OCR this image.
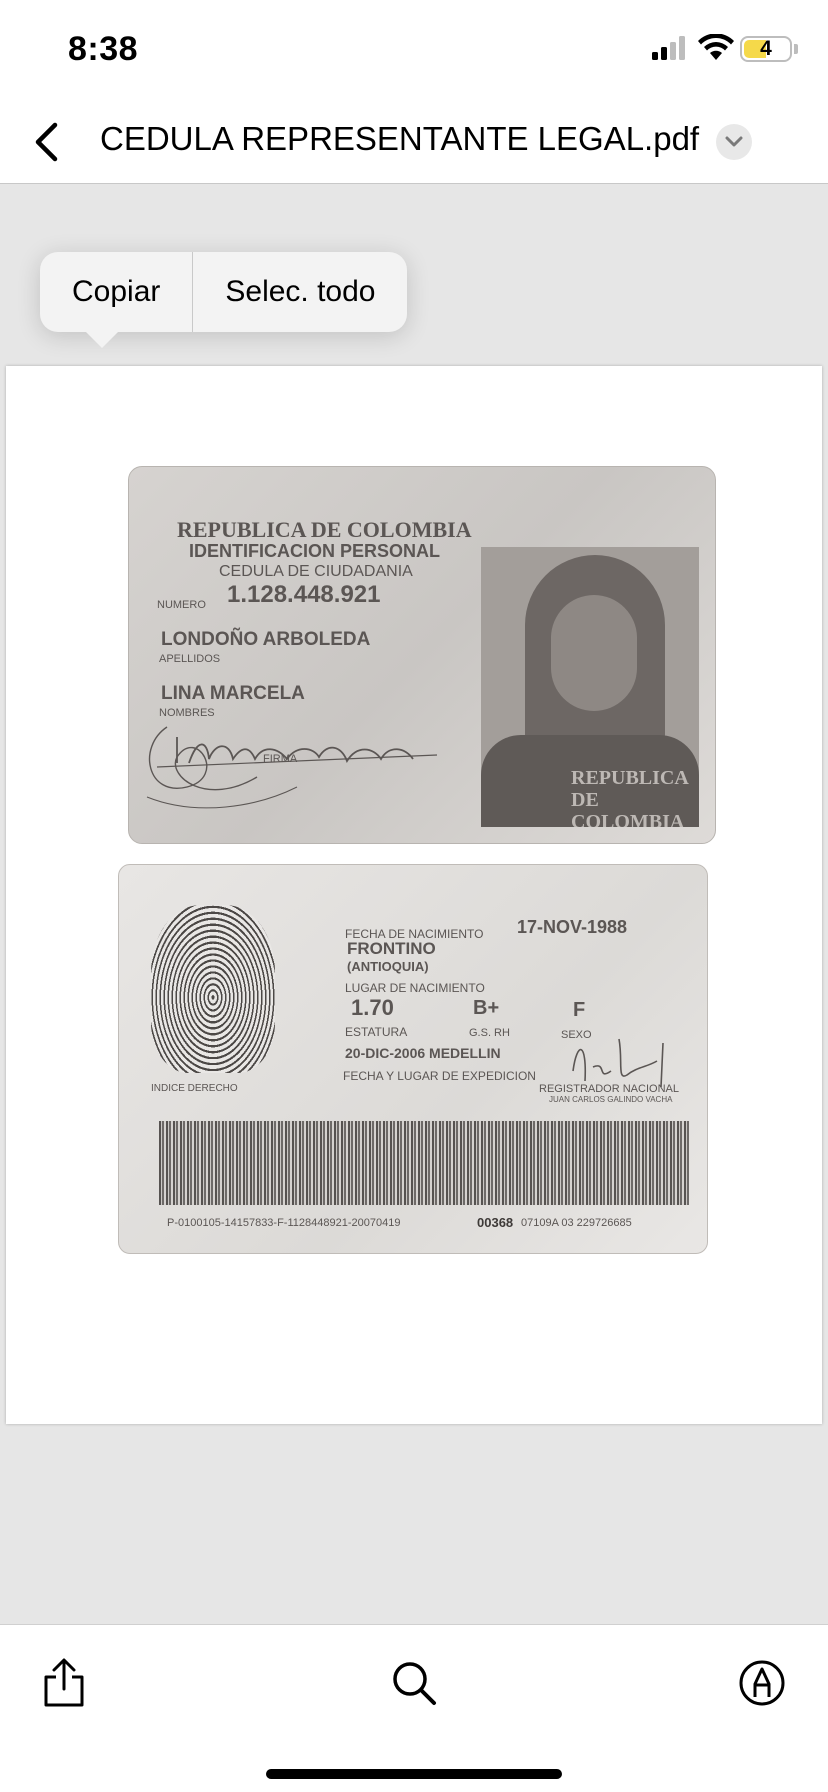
8:38	4
CEDULA REPRESENTANTE LEGAL.pdf
Copiar	Selec. todo
REPUBLICA DE COLOMBIA
IDENTIFICACION PERSONAL
CEDULA DE CIUDADANIA
NUMERO 1.128.448.921
LONDOÑO ARBOLEDA
APELLIDOS
LINA MARCELA
NOMBRES
FIRMA
REPUBLICA DE COLOMBIA
INDICE DERECHO
FECHA DE NACIMIENTO 17-NOV-1988
FRONTINO
(ANTIOQUIA)
LUGAR DE NACIMIENTO
1.70
ESTATURA
B+
G.S. RH
F
SEXO
20-DIC-2006 MEDELLIN
FECHA Y LUGAR DE EXPEDICION
REGISTRADOR NACIONAL
JUAN CARLOS GALINDO VACHA
P-0100105-14157833-F-1128448921-20070419	00368 07109A 03 229726685
